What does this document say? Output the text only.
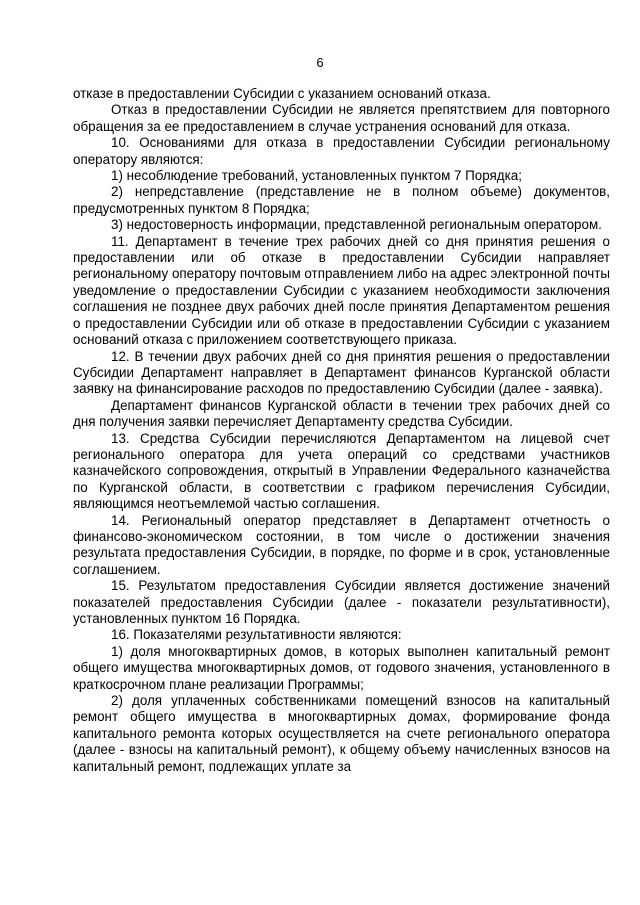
6

отказе в предоставлении Субсидии с указанием оснований отказа.

Отказ в предоставлении Субсидии не является препятствием для повторного обращения за ее предоставлением в случае устранения оснований для отказа.

10. Основаниями для отказа в предоставлении Субсидии региональному оператору являются:

1) несоблюдение требований, установленных пунктом 7 Порядка;

2) непредставление (представление не в полном объеме) документов, предусмотренных пунктом 8 Порядка;

3) недостоверность информации, представленной региональным оператором.

11. Департамент в течение трех рабочих дней со дня принятия решения о предоставлении или об отказе в предоставлении Субсидии направляет региональному оператору почтовым отправлением либо на адрес электронной почты уведомление о предоставлении Субсидии с указанием необходимости заключения соглашения не позднее двух рабочих дней после принятия Департаментом решения о предоставлении Субсидии или об отказе в предоставлении Субсидии с указанием оснований отказа с приложением соответствующего приказа.

12. В течении двух рабочих дней со дня принятия решения о предоставлении Субсидии Департамент направляет в Департамент финансов Курганской области заявку на финансирование расходов по предоставлению Субсидии (далее - заявка).

Департамент финансов Курганской области в течении трех рабочих дней со дня получения заявки перечисляет Департаменту средства Субсидии.

13. Средства Субсидии перечисляются Департаментом на лицевой счет регионального оператора для учета операций со средствами участников казначейского сопровождения, открытый в Управлении Федерального казначейства по Курганской области, в соответствии с графиком перечисления Субсидии, являющимся неотъемлемой частью соглашения.

14. Региональный оператор представляет в Департамент отчетность о финансово-экономическом состоянии, в том числе о достижении значения результата предоставления Субсидии, в порядке, по форме и в срок, установленные соглашением.

15. Результатом предоставления Субсидии является достижение значений показателей предоставления Субсидии (далее - показатели результативности), установленных пунктом 16 Порядка.

16. Показателями результативности являются:

1) доля многоквартирных домов, в которых выполнен капитальный ремонт общего имущества многоквартирных домов, от годового значения, установленного в краткосрочном плане реализации Программы;

2) доля уплаченных собственниками помещений взносов на капитальный ремонт общего имущества в многоквартирных домах, формирование фонда капитального ремонта которых осуществляется на счете регионального оператора (далее - взносы на капитальный ремонт), к общему объему начисленных взносов на капитальный ремонт, подлежащих уплате за
